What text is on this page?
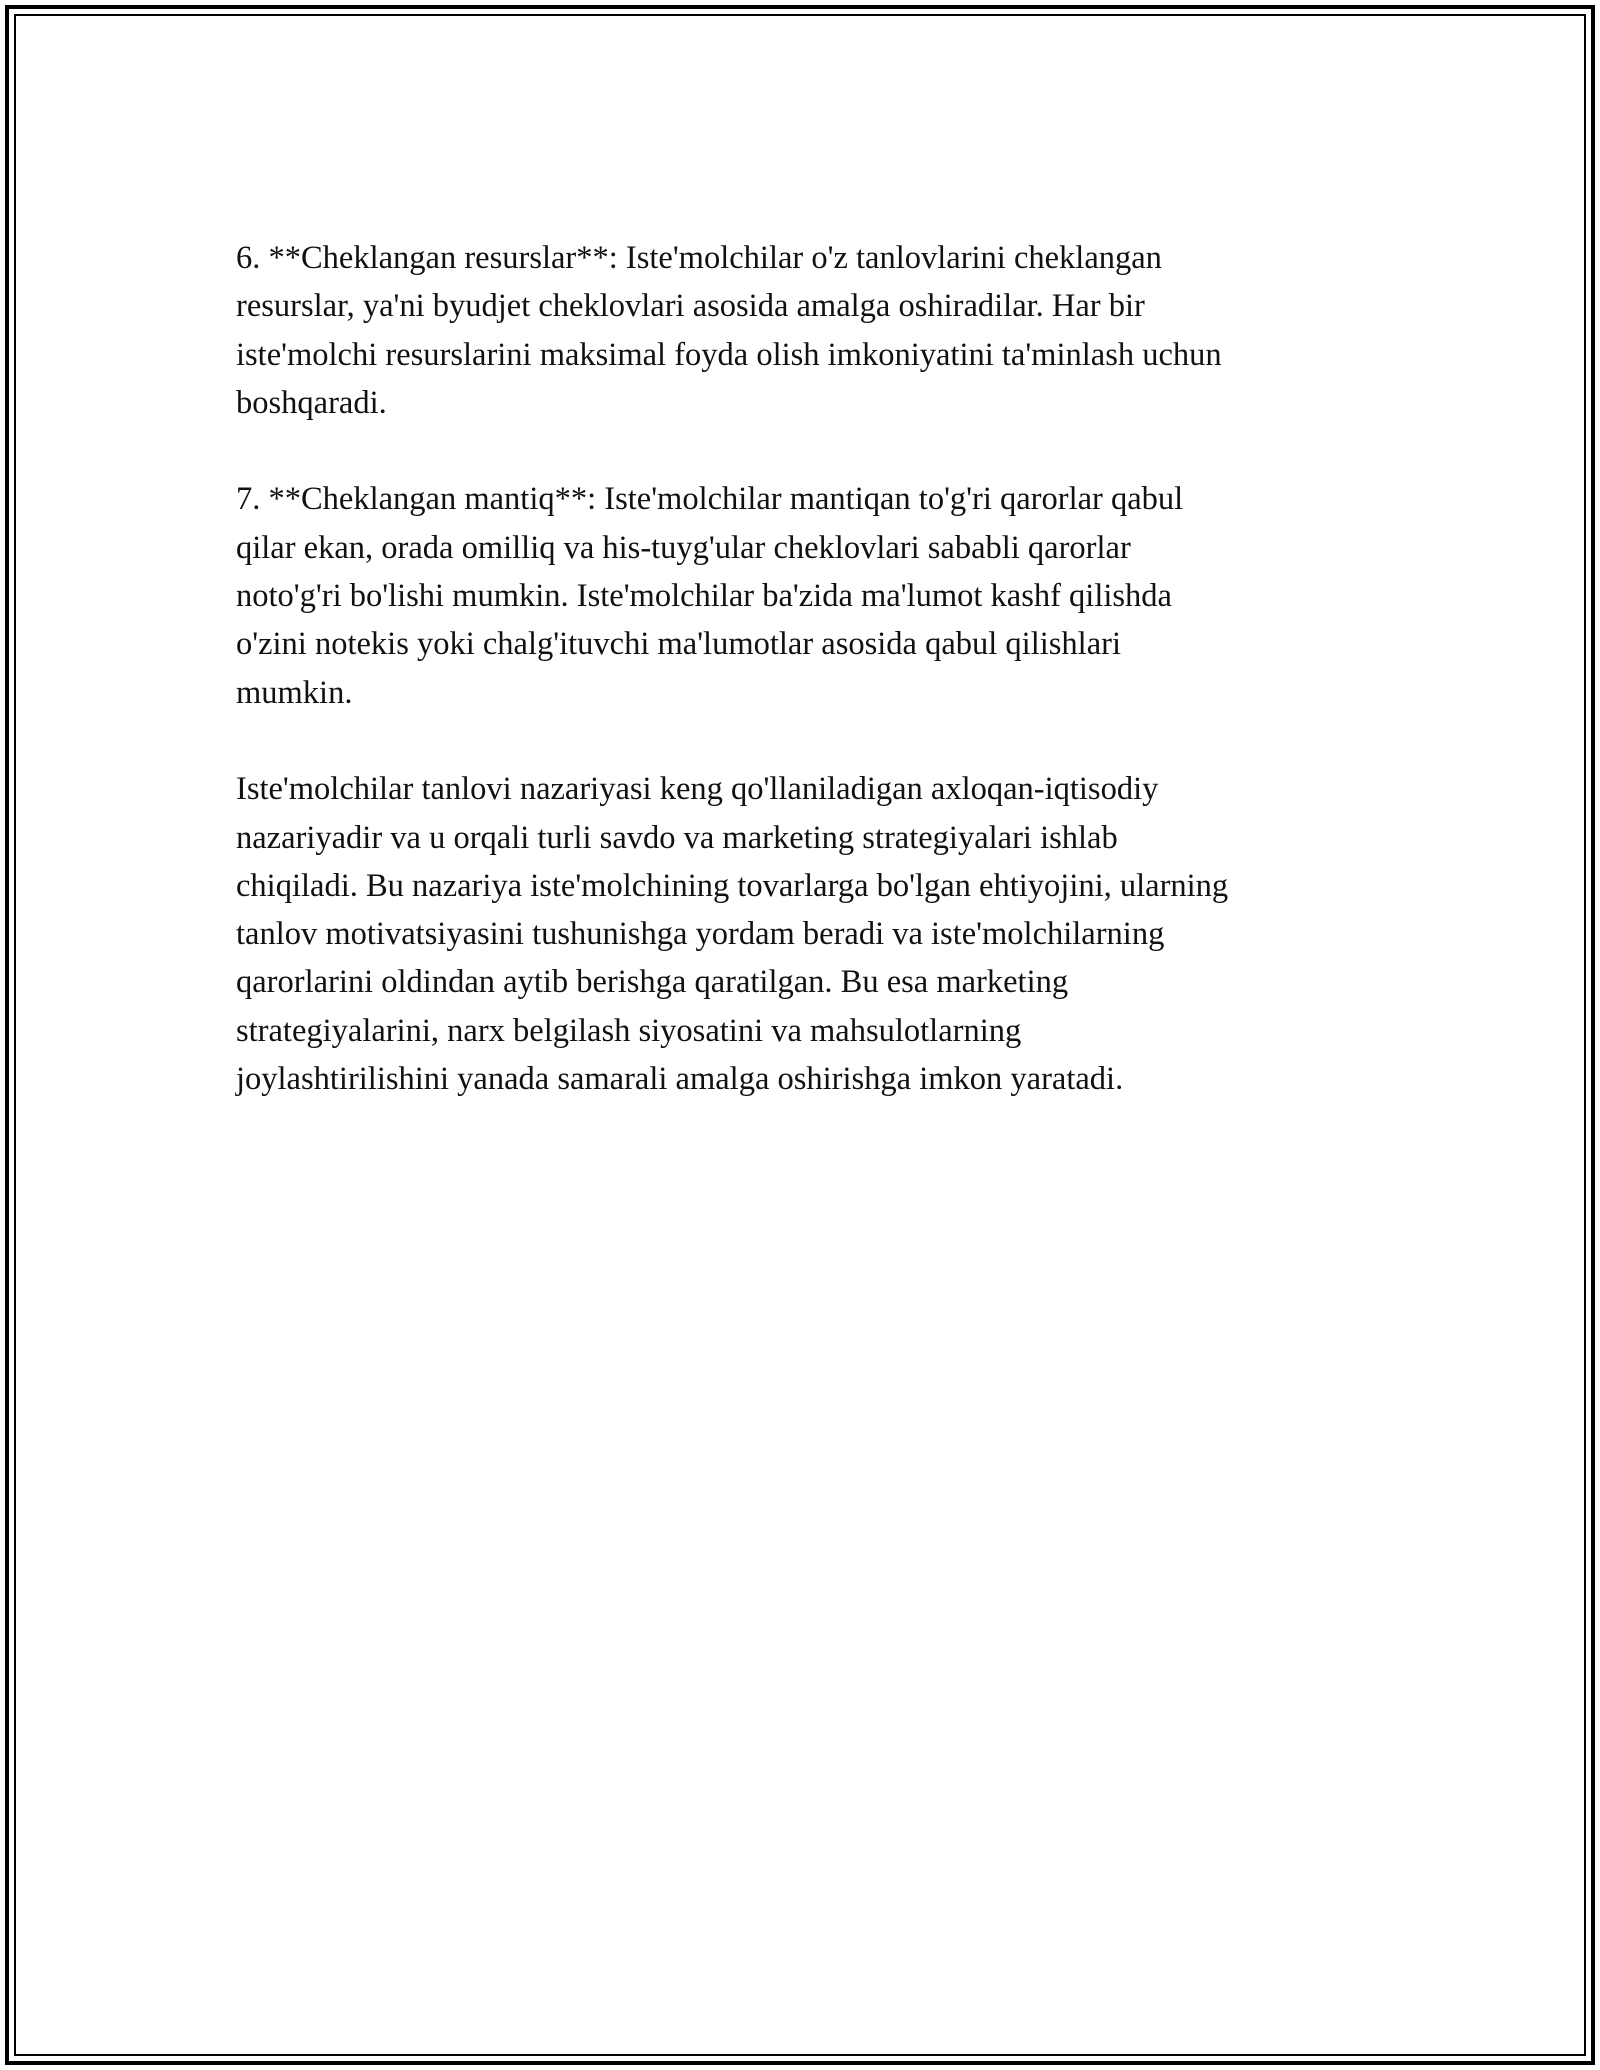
6. **Cheklangan resurslar**: Iste'molchilar o'z tanlovlarini cheklangan
resurslar, ya'ni byudjet cheklovlari asosida amalga oshiradilar. Har bir
iste'molchi resurslarini maksimal foyda olish imkoniyatini ta'minlash uchun
boshqaradi.

7. **Cheklangan mantiq**: Iste'molchilar mantiqan to'g'ri qarorlar qabul
qilar ekan, orada omilliq va his-tuyg'ular cheklovlari sababli qarorlar
noto'g'ri bo'lishi mumkin. Iste'molchilar ba'zida ma'lumot kashf qilishda
o'zini notekis yoki chalg'ituvchi ma'lumotlar asosida qabul qilishlari
mumkin.

Iste'molchilar tanlovi nazariyasi keng qo'llaniladigan axloqan-iqtisodiy
nazariyadir va u orqali turli savdo va marketing strategiyalari ishlab
chiqiladi. Bu nazariya iste'molchining tovarlarga bo'lgan ehtiyojini, ularning
tanlov motivatsiyasini tushunishga yordam beradi va iste'molchilarning
qarorlarini oldindan aytib berishga qaratilgan. Bu esa marketing
strategiyalarini, narx belgilash siyosatini va mahsulotlarning
joylashtirilishini yanada samarali amalga oshirishga imkon yaratadi.
